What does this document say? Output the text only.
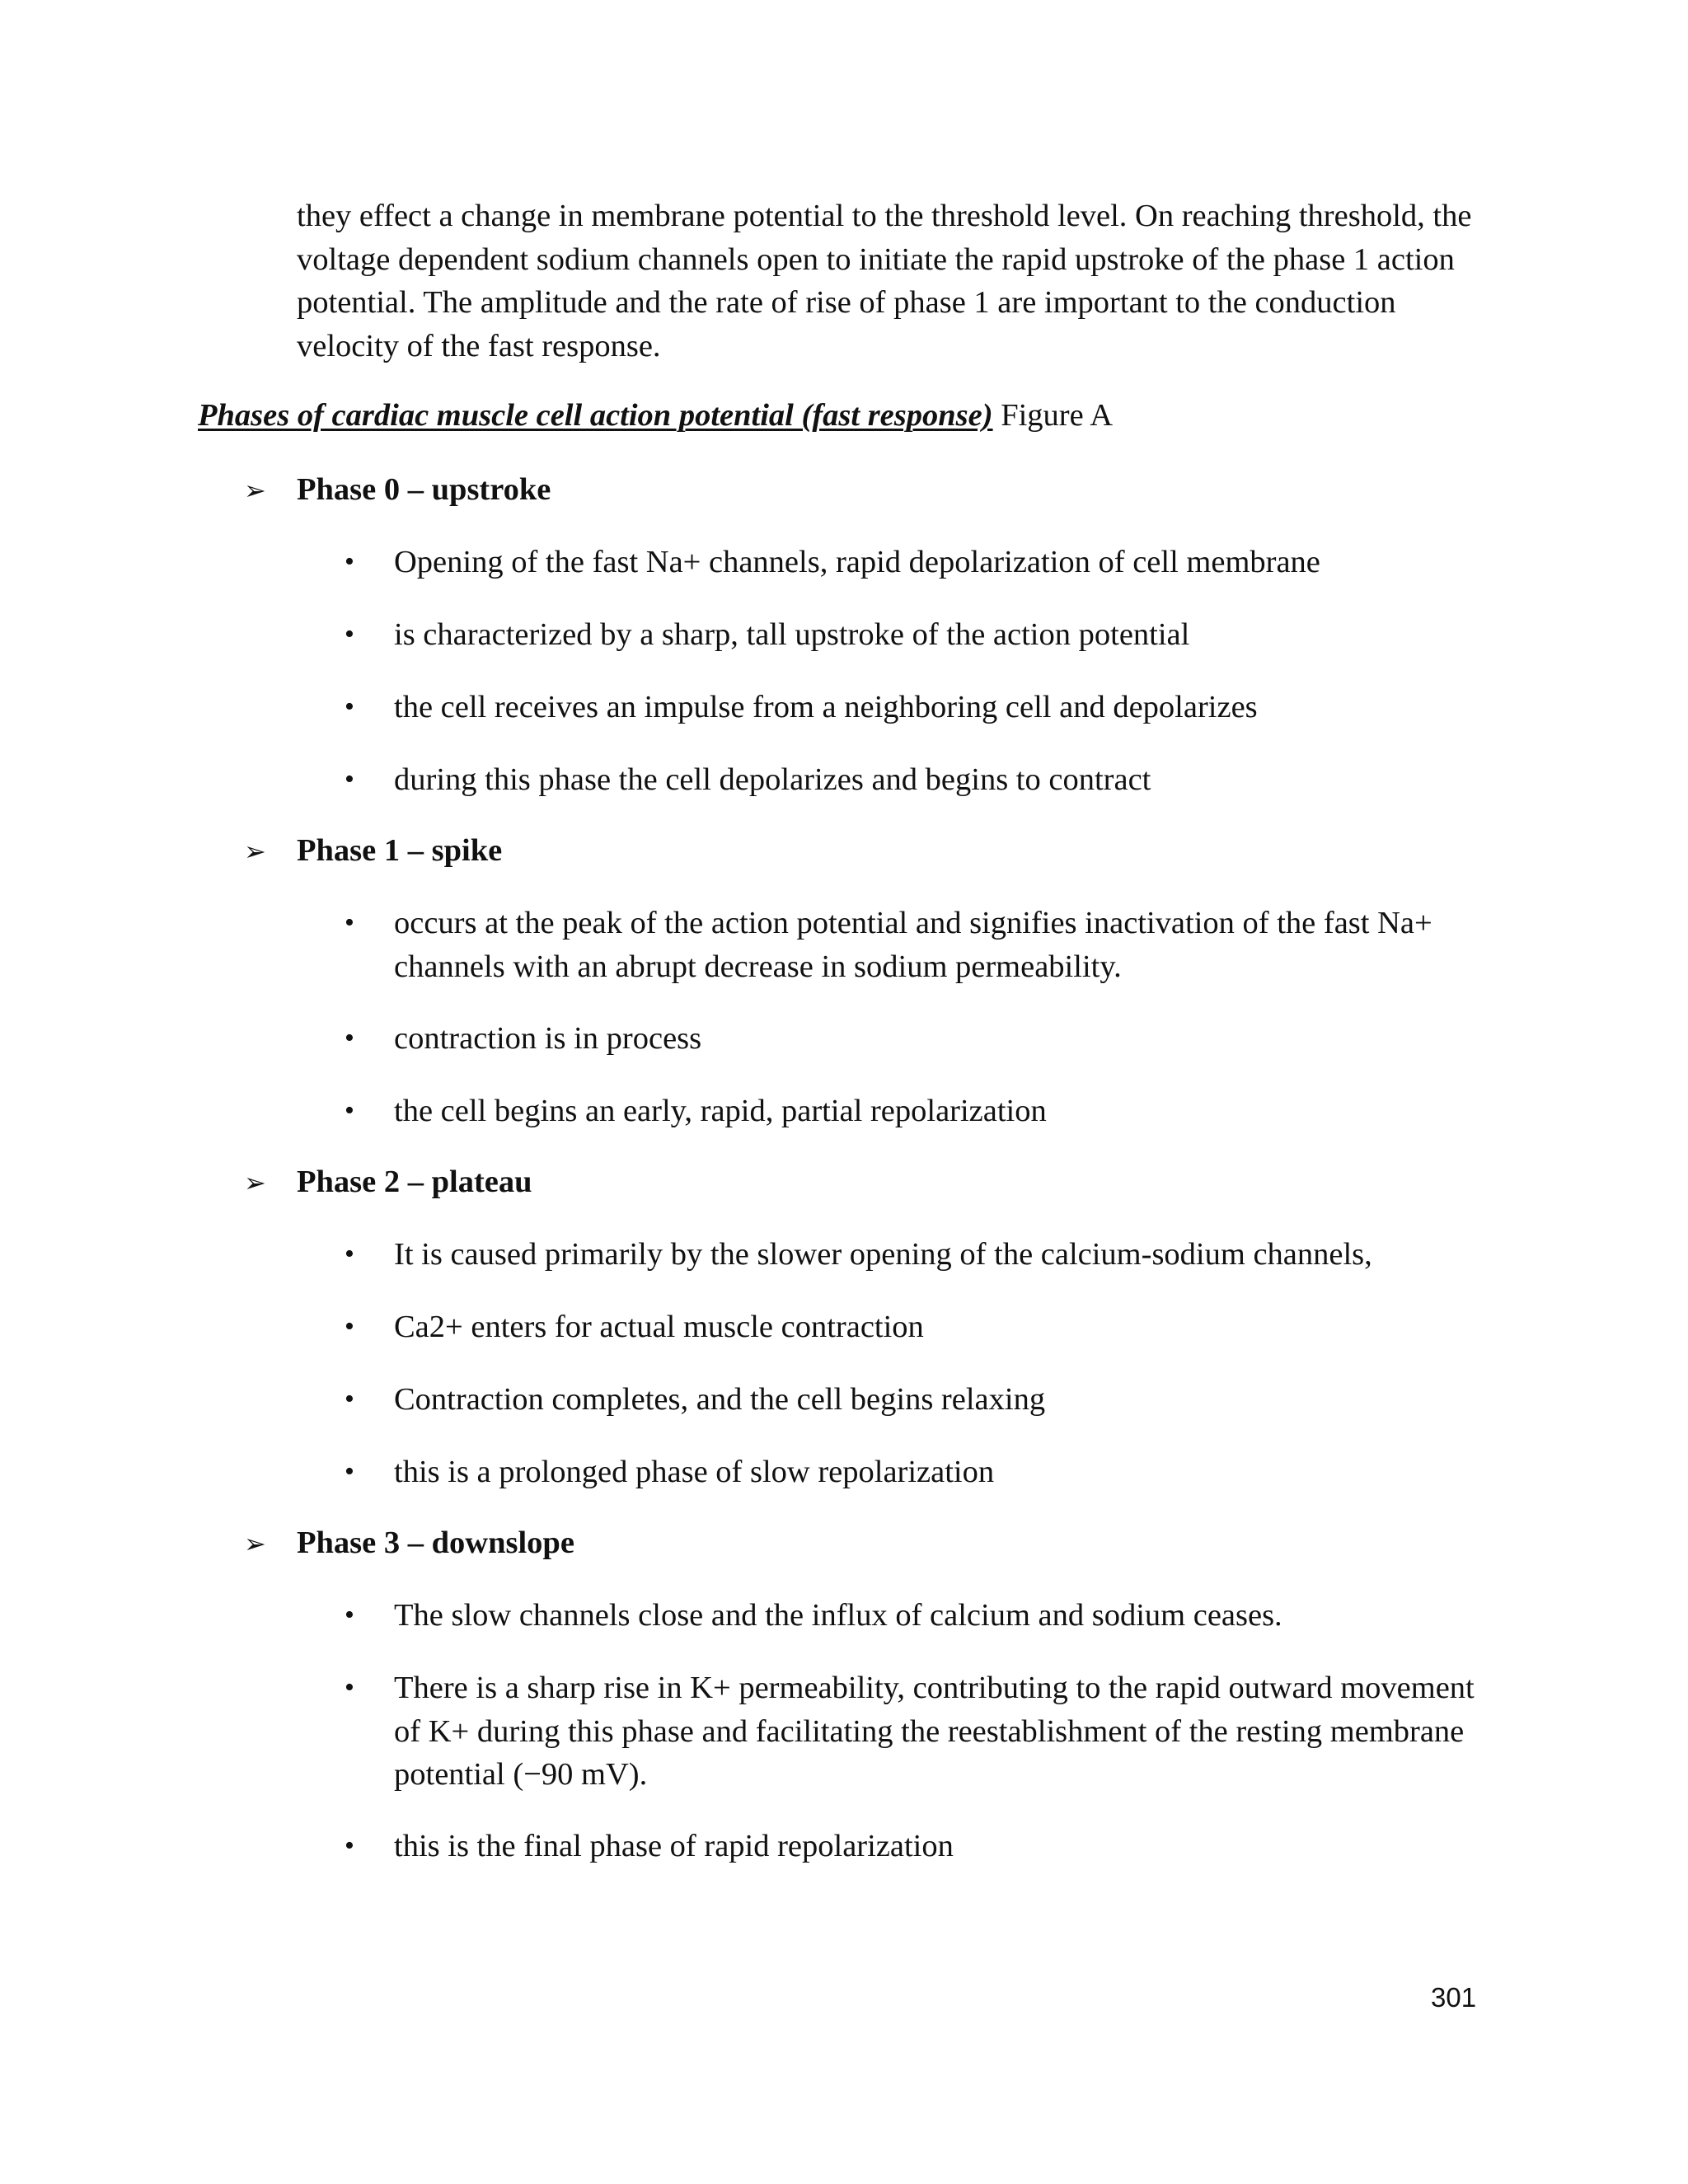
they effect a change in membrane potential to the threshold level. On reaching threshold, the voltage dependent sodium channels open to initiate the rapid upstroke of the phase 1 action potential. The amplitude and the rate of rise of phase 1 are important to the conduction velocity of the fast response.

Phases of cardiac muscle cell action potential (fast response) Figure A

➢ Phase 0 – upstroke

•	Opening of the fast Na+ channels, rapid depolarization of cell membrane
•	is characterized by a sharp, tall upstroke of the action potential
•	the cell receives an impulse from a neighboring cell and depolarizes
•	during this phase the cell depolarizes and begins to contract

➢ Phase 1 – spike

•	occurs at the peak of the action potential and signifies inactivation of the fast Na+ channels with an abrupt decrease in sodium permeability.
•	contraction is in process
•	the cell begins an early, rapid, partial repolarization

➢ Phase 2 – plateau

•	It is caused primarily by the slower opening of the calcium-sodium channels,
•	Ca2+ enters for actual muscle contraction
•	Contraction completes, and the cell begins relaxing
•	this is a prolonged phase of slow repolarization

➢ Phase 3 – downslope

•	The slow channels close and the influx of calcium and sodium ceases.
•	There is a sharp rise in K+ permeability, contributing to the rapid outward movement of K+ during this phase and facilitating the reestablishment of the resting membrane potential (−90 mV).
•	this is the final phase of rapid repolarization

301
